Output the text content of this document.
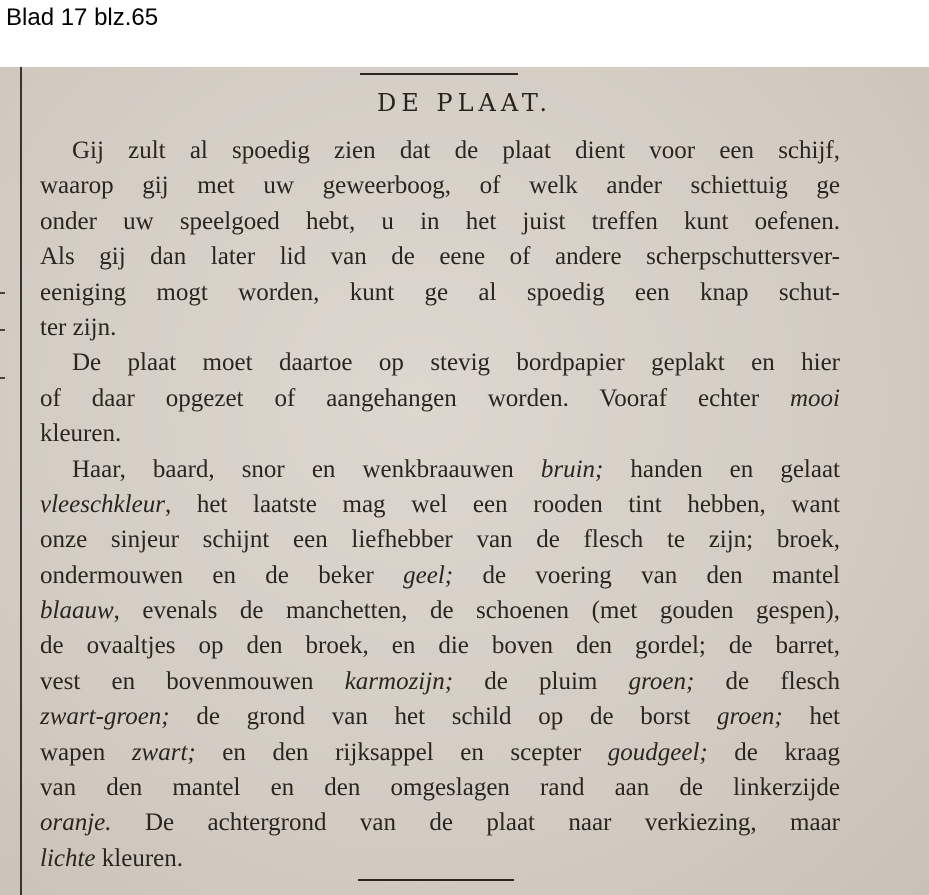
Blad 17 blz.65
DE PLAAT.
Gij zult al spoedig zien dat de plaat dient voor een schijf,
waarop gij met uw geweerboog, of welk ander schiettuig ge
onder uw speelgoed hebt, u in het juist treffen kunt oefenen.
Als gij dan later lid van de eene of andere scherpschuttersver-
eeniging mogt worden, kunt ge al spoedig een knap schut-
ter zijn.
De plaat moet daartoe op stevig bordpapier geplakt en hier
of daar opgezet of aangehangen worden. Vooraf echter mooi
kleuren.
Haar, baard, snor en wenkbraauwen bruin; handen en gelaat
vleeschkleur, het laatste mag wel een rooden tint hebben, want
onze sinjeur schijnt een liefhebber van de flesch te zijn; broek,
ondermouwen en de beker geel; de voering van den mantel
blaauw, evenals de manchetten, de schoenen (met gouden gespen),
de ovaaltjes op den broek, en die boven den gordel; de barret,
vest en bovenmouwen karmozijn; de pluim groen; de flesch
zwart-groen; de grond van het schild op de borst groen; het
wapen zwart; en den rijksappel en scepter goudgeel; de kraag
van den mantel en den omgeslagen rand aan de linkerzijde
oranje. De achtergrond van de plaat naar verkiezing, maar
lichte kleuren.
